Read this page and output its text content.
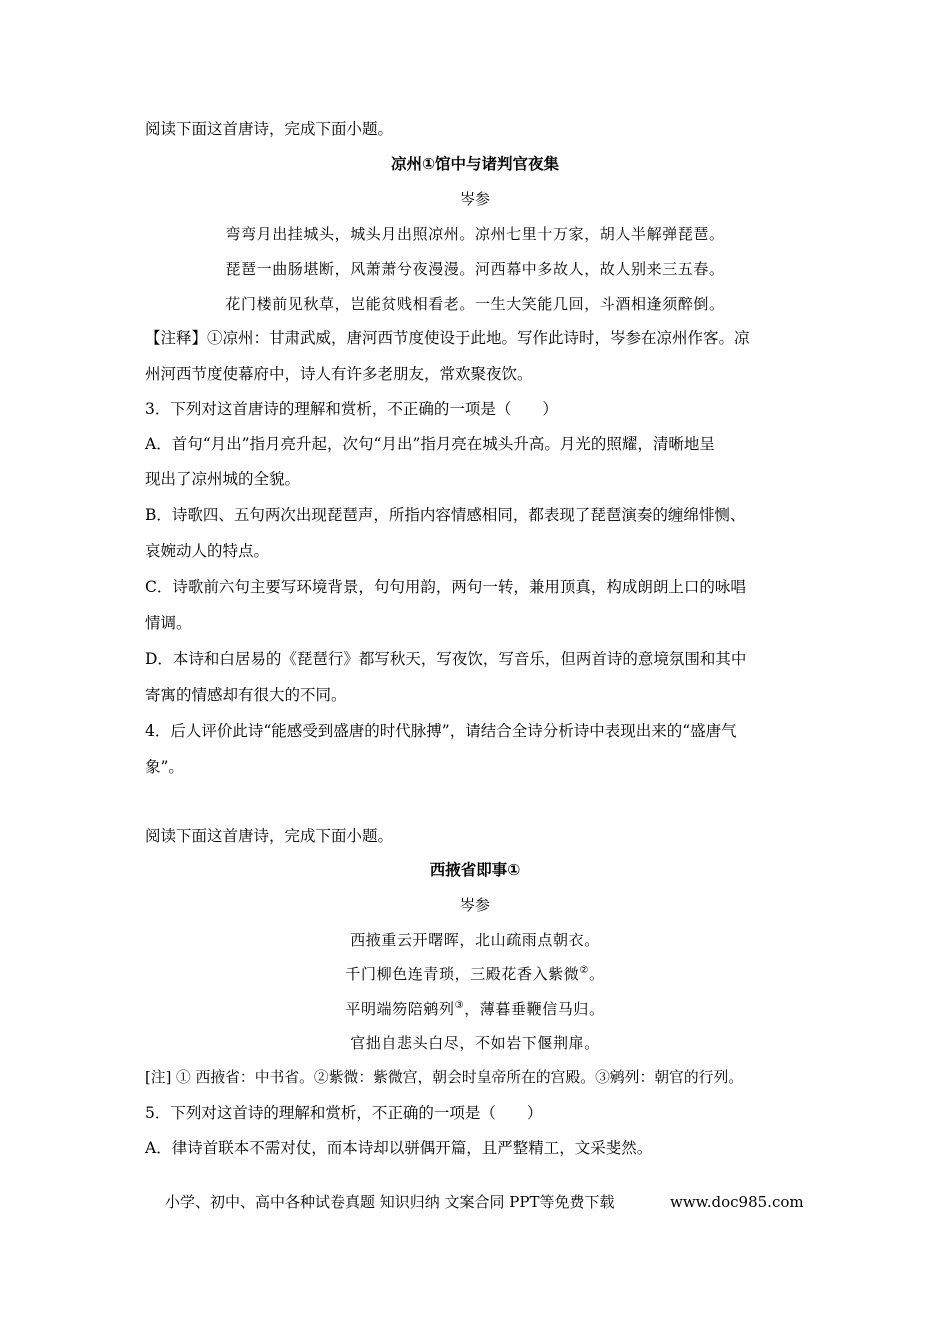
阅读下面这首唐诗，完成下面小题。
凉州①馆中与诸判官夜集
岑参
弯弯月出挂城头，城头月出照凉州。凉州七里十万家，胡人半解弹琵琶。
琵琶一曲肠堪断，风萧萧兮夜漫漫。河西幕中多故人，故人别来三五春。
花门楼前见秋草，岂能贫贱相看老。一生大笑能几回，斗酒相逢须醉倒。
【注释】①凉州：甘肃武威，唐河西节度使设于此地。写作此诗时，岑参在凉州作客。凉
州河西节度使幕府中，诗人有许多老朋友，常欢聚夜饮。
3．下列对这首唐诗的理解和赏析，不正确的一项是（　　）
A．首句“月出”指月亮升起，次句“月出”指月亮在城头升高。月光的照耀，清晰地呈
现出了凉州城的全貌。
B．诗歌四、五句两次出现琵琶声，所指内容情感相同，都表现了琵琶演奏的缠绵悱恻、
哀婉动人的特点。
C．诗歌前六句主要写环境背景，句句用韵，两句一转，兼用顶真，构成朗朗上口的咏唱
情调。
D．本诗和白居易的《琵琶行》都写秋天，写夜饮，写音乐，但两首诗的意境氛围和其中
寄寓的情感却有很大的不同。
4．后人评价此诗“能感受到盛唐的时代脉搏”，请结合全诗分析诗中表现出来的“盛唐气
象”。
阅读下面这首唐诗，完成下面小题。
西掖省即事①
岑参
西掖重云开曙晖，北山疏雨点朝衣。
千门柳色连青琐，三殿花香入紫微②。
平明端笏陪鹓列③，薄暮垂鞭信马归。
官拙自悲头白尽，不如岩下偃荆扉。
[注] ① 西掖省：中书省。②紫微：紫微宫，朝会时皇帝所在的宫殿。③鹓列：朝官的行列。
5．下列对这首诗的理解和赏析，不正确的一项是（　　）
A．律诗首联本不需对仗，而本诗却以骈偶开篇，且严整精工，文采斐然。
小学、初中、高中各种试卷真题 知识归纳 文案合同 PPT等免费下载	www.doc985.com
